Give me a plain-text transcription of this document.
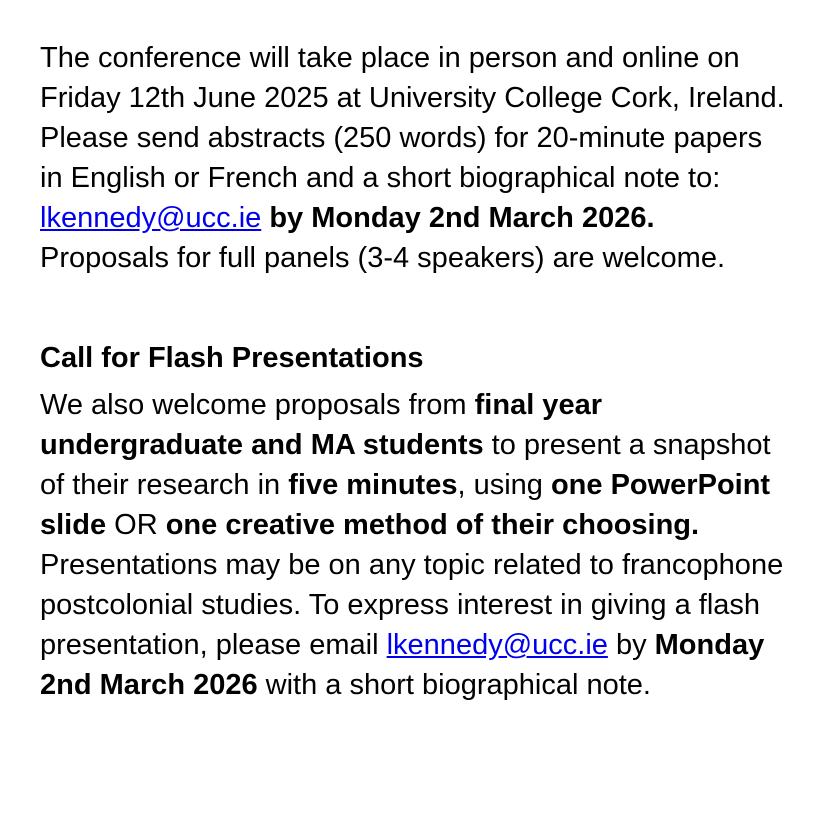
The conference will take place in person and online on Friday 12th June 2025 at University College Cork, Ireland. Please send abstracts (250 words) for 20-minute papers in English or French and a short biographical note to: lkennedy@ucc.ie by Monday 2nd March 2026. Proposals for full panels (3-4 speakers) are welcome.

Call for Flash Presentations

We also welcome proposals from final year undergraduate and MA students to present a snapshot of their research in five minutes, using one PowerPoint slide OR one creative method of their choosing. Presentations may be on any topic related to francophone postcolonial studies. To express interest in giving a flash presentation, please email lkennedy@ucc.ie by Monday 2nd March 2026 with a short biographical note.
